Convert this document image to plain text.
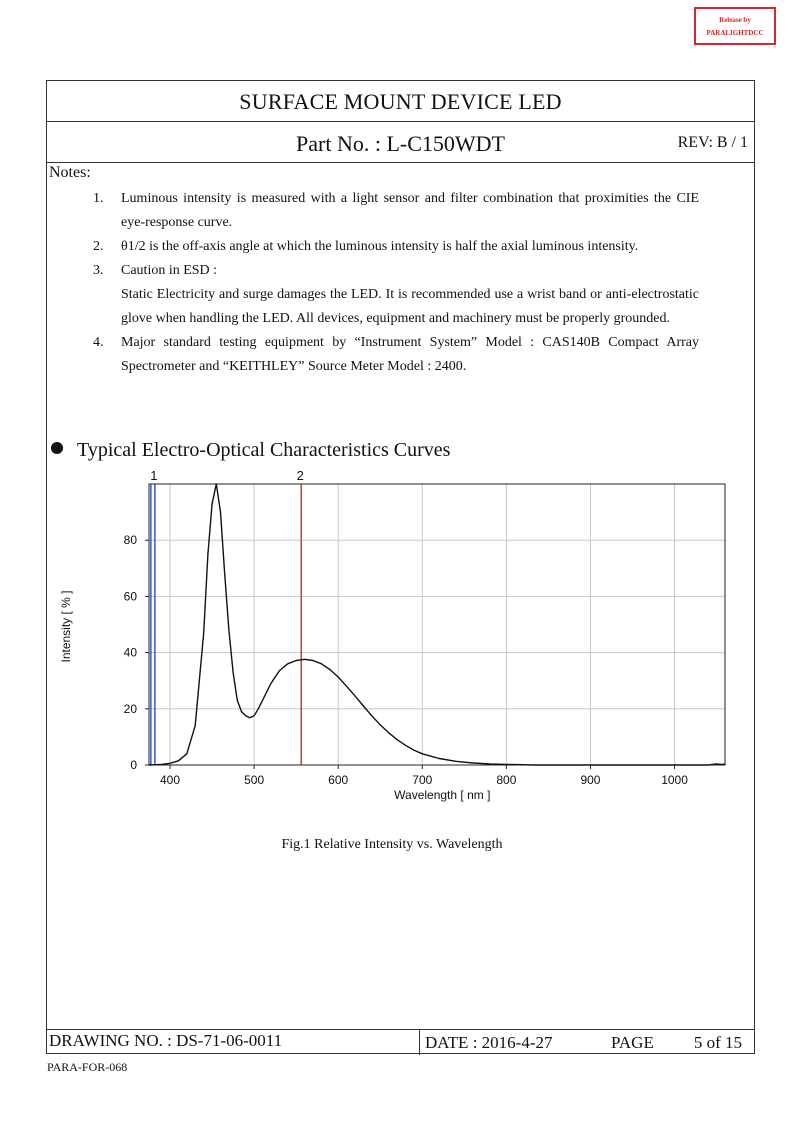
Release by
PARALIGHTDCC
SURFACE MOUNT DEVICE LED
Part No. : L-C150WDT	REV: B / 1
Notes:
1. Luminous intensity is measured with a light sensor and filter combination that proximities the CIE eye-response curve.
2. θ1/2 is the off-axis angle at which the luminous intensity is half the axial luminous intensity.
3. Caution in ESD :
Static Electricity and surge damages the LED. It is recommended use a wrist band or anti-electrostatic glove when handling the LED. All devices, equipment and machinery must be properly grounded.
4. Major standard testing equipment by “Instrument System” Model : CAS140B Compact Array Spectrometer and “KEITHLEY” Source Meter Model : 2400.
Typical Electro-Optical Characteristics Curves
400	500	600	700	800	900	1000
0
20
40
60
80
Wavelength [ nm ]
Intensity [ % ]
1	2
Fig.1 Relative Intensity vs. Wavelength
DRAWING NO. : DS-71-06-0011	DATE : 2016-4-27	PAGE 5 of 15
PARA-FOR-068
